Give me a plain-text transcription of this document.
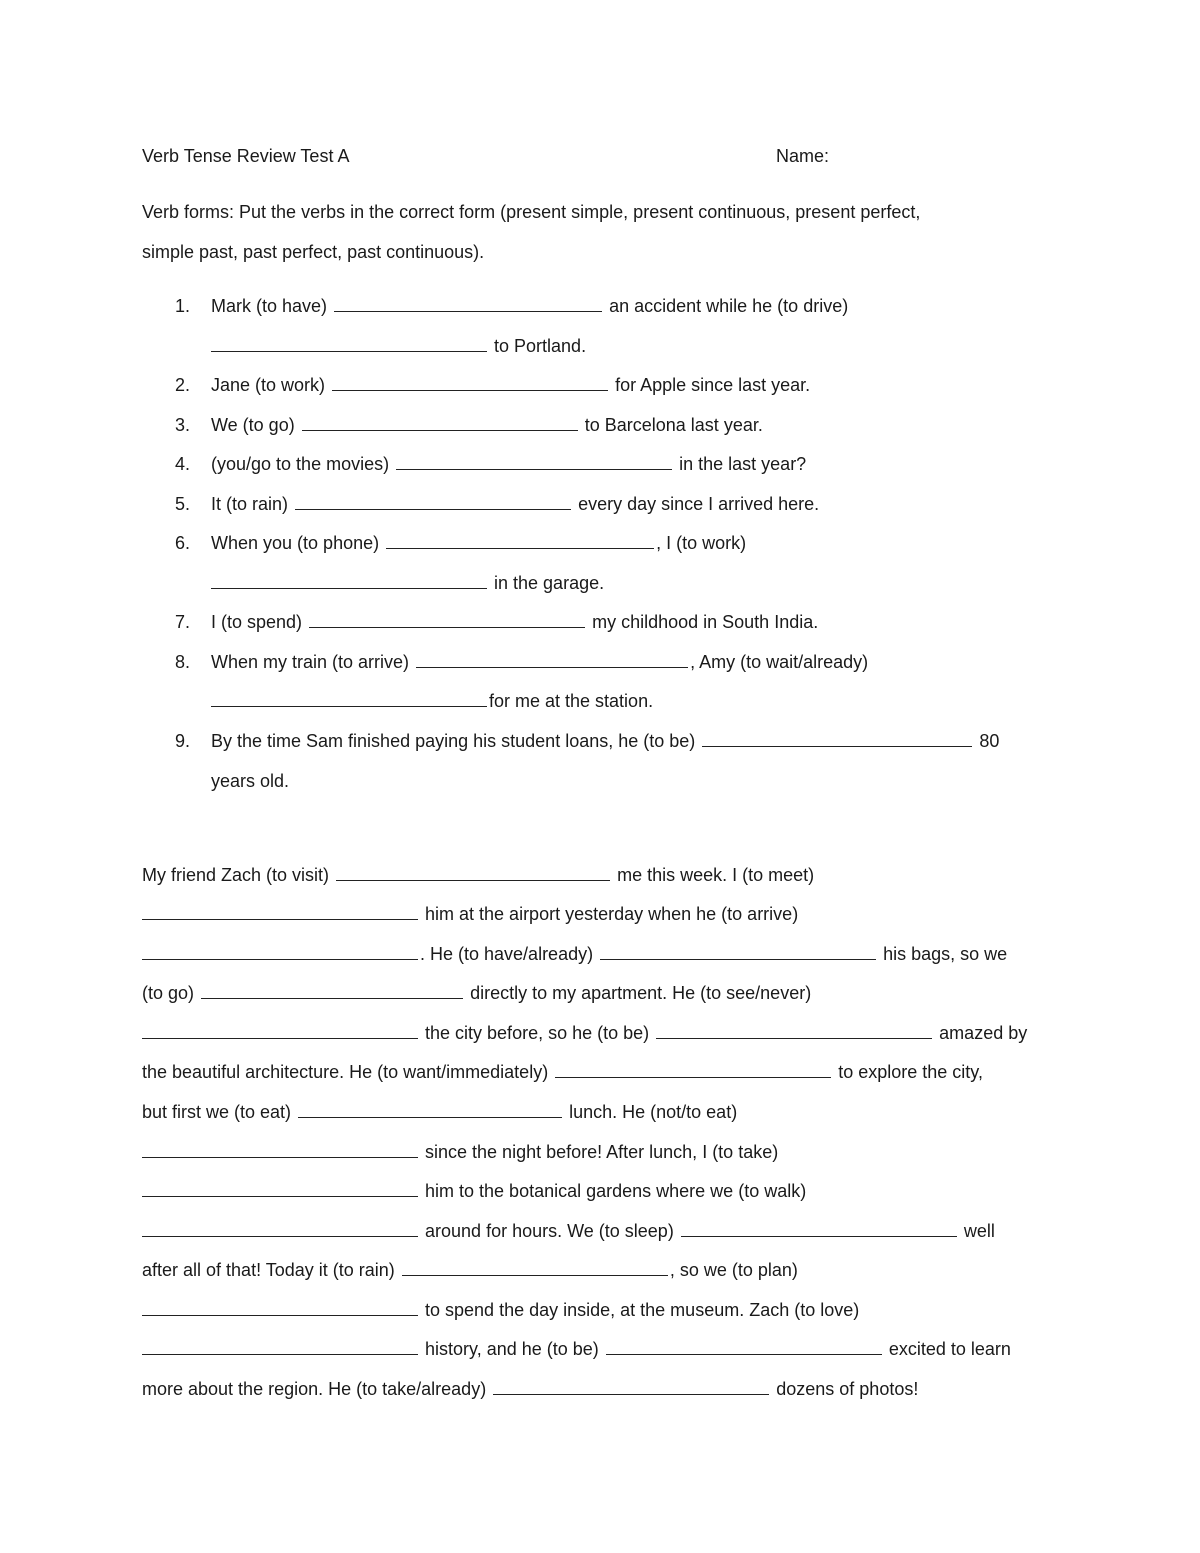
Verb Tense Review Test A	Name:
Verb forms: Put the verbs in the correct form (present simple, present continuous, present perfect,
simple past, past perfect, past continuous).
1. Mark (to have)	an accident while he (to drive)
to Portland.
2. Jane (to work)	for Apple since last year.
3. We (to go)	to Barcelona last year.
4. (you/go to the movies)	in the last year?
5. It (to rain)	every day since I arrived here.
6. When you (to phone)	, I (to work)
in the garage.
7. I (to spend)	my childhood in South India.
8. When my train (to arrive)	, Amy (to wait/already)
for me at the station.
9. By the time Sam finished paying his student loans, he (to be)	80
years old.
My friend Zach (to visit)	me this week. I (to meet)
him at the airport yesterday when he (to arrive)
. He (to have/already)	his bags, so we
(to go)	directly to my apartment. He (to see/never)
the city before, so he (to be)	amazed by
the beautiful architecture. He (to want/immediately)	to explore the city,
but first we (to eat)	lunch. He (not/to eat)
since the night before! After lunch, I (to take)
him to the botanical gardens where we (to walk)
around for hours. We (to sleep)	well
after all of that! Today it (to rain)	, so we (to plan)
to spend the day inside, at the museum. Zach (to love)
history, and he (to be)	excited to learn
more about the region. He (to take/already)	dozens of photos!
